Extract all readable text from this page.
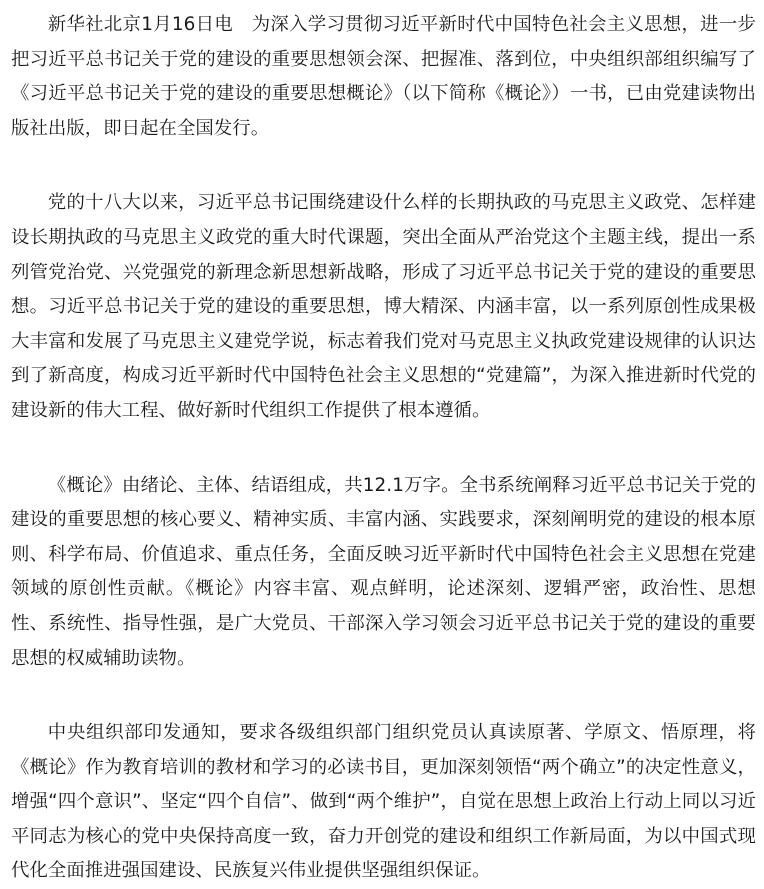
新华社北京1月16日电　为深入学习贯彻习近平新时代中国特色社会主义思想，进一步把习近平总书记关于党的建设的重要思想领会深、把握准、落到位，中央组织部组织编写了《习近平总书记关于党的建设的重要思想概论》（以下简称《概论》）一书，已由党建读物出版社出版，即日起在全国发行。

党的十八大以来，习近平总书记围绕建设什么样的长期执政的马克思主义政党、怎样建设长期执政的马克思主义政党的重大时代课题，突出全面从严治党这个主题主线，提出一系列管党治党、兴党强党的新理念新思想新战略，形成了习近平总书记关于党的建设的重要思想。习近平总书记关于党的建设的重要思想，博大精深、内涵丰富，以一系列原创性成果极大丰富和发展了马克思主义建党学说，标志着我们党对马克思主义执政党建设规律的认识达到了新高度，构成习近平新时代中国特色社会主义思想的“党建篇”，为深入推进新时代党的建设新的伟大工程、做好新时代组织工作提供了根本遵循。

《概论》由绪论、主体、结语组成，共12.1万字。全书系统阐释习近平总书记关于党的建设的重要思想的核心要义、精神实质、丰富内涵、实践要求，深刻阐明党的建设的根本原则、科学布局、价值追求、重点任务，全面反映习近平新时代中国特色社会主义思想在党建领域的原创性贡献。《概论》内容丰富、观点鲜明，论述深刻、逻辑严密，政治性、思想性、系统性、指导性强，是广大党员、干部深入学习领会习近平总书记关于党的建设的重要思想的权威辅助读物。

中央组织部印发通知，要求各级组织部门组织党员认真读原著、学原文、悟原理，将《概论》作为教育培训的教材和学习的必读书目，更加深刻领悟“两个确立”的决定性意义，增强“四个意识”、坚定“四个自信”、做到“两个维护”，自觉在思想上政治上行动上同以习近平同志为核心的党中央保持高度一致，奋力开创党的建设和组织工作新局面，为以中国式现代化全面推进强国建设、民族复兴伟业提供坚强组织保证。
